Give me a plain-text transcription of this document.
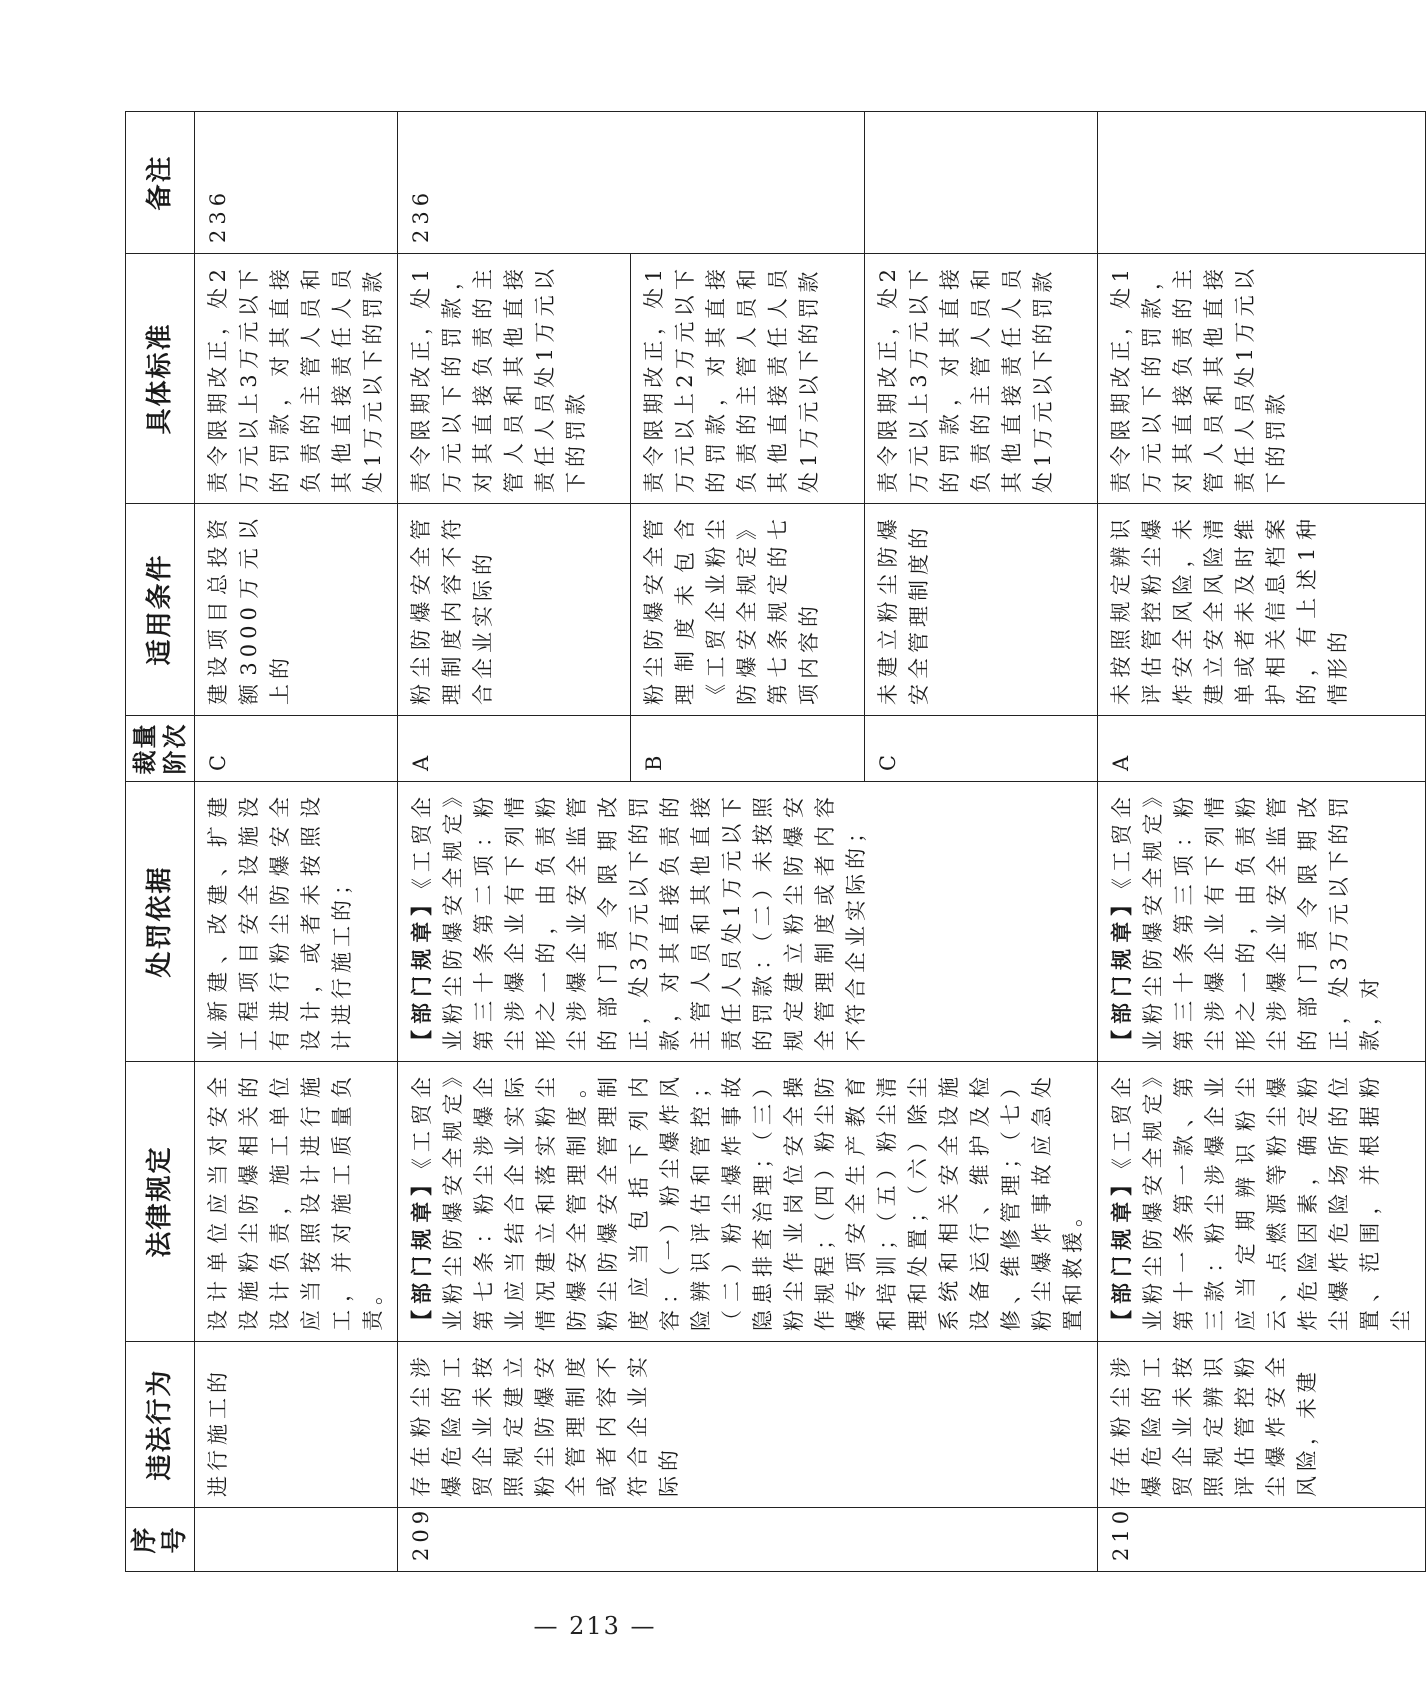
序号	违法行为	法律规定	处罚依据	裁量阶次	适用条件	具体标准	备注
	进行施工的	设计单位应当对安全设施粉尘防爆相关的设计负责，施工单位应当按照设计进行施工，并对施工质量负责。	业新建、改建、扩建工程项目安全设施没有进行粉尘防爆安全设计，或者未按照设计进行施工的；	C	建设项目总投资额3000万元以上的	责令限期改正，处2万元以上3万元以下的罚款，对其直接负责的主管人员和其他直接责任人员处1万元以下的罚款	236
209	存在粉尘涉爆危险的工贸企业未按照规定建立粉尘防爆安全管理制度或者内容不符合企业实际的	【部门规章】《工贸企业粉尘防爆安全规定》第七条：粉尘涉爆企业应当结合企业实际情况建立和落实粉尘防爆安全管理制度。粉尘防爆安全管理制度应当包括下列内容：（一）粉尘爆炸风险辨识评估和管控；（二）粉尘爆炸事故隐患排查治理；（三）粉尘作业岗位安全操作规程；（四）粉尘防爆专项安全生产教育和培训；（五）粉尘清理和处置；（六）除尘系统和相关安全设施设备运行、维护及检修、维修管理；（七）粉尘爆炸事故应急处置和救援。	【部门规章】《工贸企业粉尘防爆安全规定》第三十条第二项：粉尘涉爆企业有下列情形之一的，由负责粉尘涉爆企业安全监管的部门责令限期改正，处3万元以下的罚款，对其直接负责的主管人员和其他直接责任人员处1万元以下的罚款：（二）未按照规定建立粉尘防爆安全管理制度或者内容不符合企业实际的；	A	粉尘防爆安全管理制度内容不符合企业实际的	责令限期改正，处1万元以下的罚款，对其直接负责的主管人员和其他直接责任人员处1万元以下的罚款	236
				B	粉尘防爆安全管理制度未包含《工贸企业粉尘防爆安全规定》第七条规定的七项内容的	责令限期改正，处1万元以上2万元以下的罚款，对其直接负责的主管人员和其他直接责任人员处1万元以下的罚款	
				C	未建立粉尘防爆安全管理制度的	责令限期改正，处2万元以上3万元以下的罚款，对其直接负责的主管人员和其他直接责任人员处1万元以下的罚款	
210	存在粉尘涉爆危险的工贸企业未按照规定辨识评估管控粉尘爆炸安全风险，未建	【部门规章】《工贸企业粉尘防爆安全规定》第十一条第一款、第三款：粉尘涉爆企业应当定期辨识粉尘云、点燃源等粉尘爆炸危险因素，确定粉尘爆炸危险场所的位置、范围，并根据粉尘	【部门规章】《工贸企业粉尘防爆安全规定》第三十条第三项：粉尘涉爆企业有下列情形之一的，由负责粉尘涉爆企业安全监管的部门责令限期改正，处3万元以下的罚款，对	A	未按照规定辨识评估管控粉尘爆炸安全风险，未建立安全风险清单或者未及时维护相关信息档案的，有上述1种情形的	责令限期改正，处1万元以下的罚款，对其直接负责的主管人员和其他直接责任人员处1万元以下的罚款	
— 213 —
